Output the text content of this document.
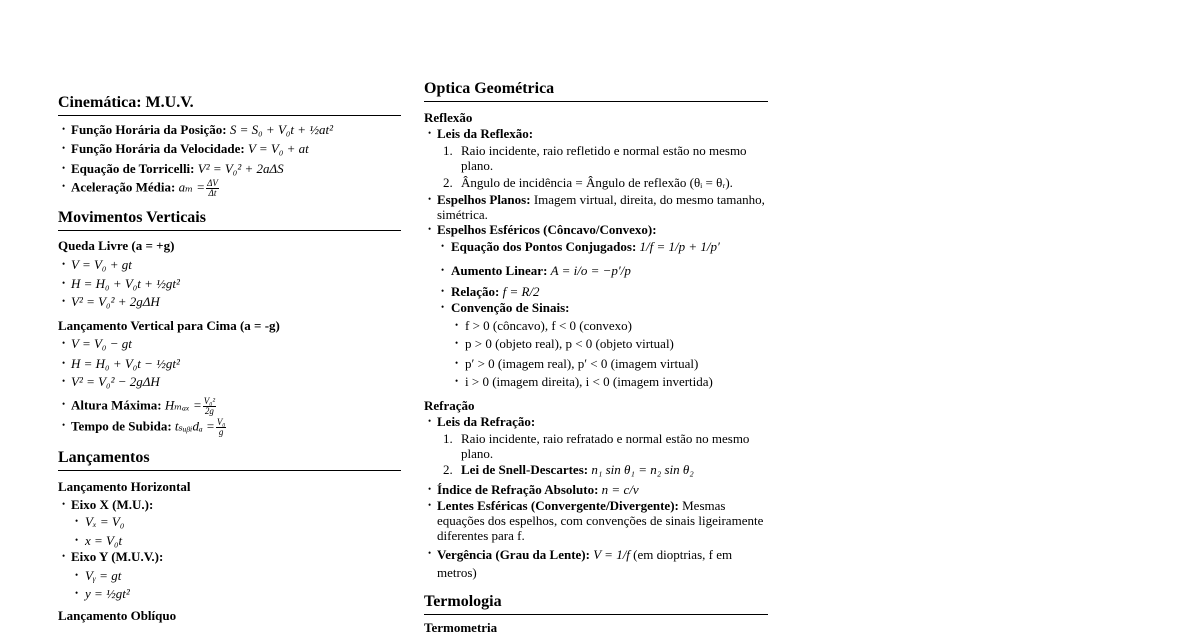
Cinemática: M.U.V.
• Função Horária da Posição: S = S₀ + V₀t + ½at²
• Função Horária da Velocidade: V = V₀ + at
• Equação de Torricelli: V² = V₀² + 2aΔS
• Aceleração Média: $a_m = \frac{\Delta V}{\Delta t}$
Movimentos Verticais
Queda Livre (a = +g)
• V = V₀ + gt
• H = H₀ + V₀t + ½gt²
• V² = V₀² + 2gΔH
Lançamento Vertical para Cima (a = -g)
• V = V₀ − gt
• H = H₀ + V₀t − ½gt²
• V² = V₀² − 2gΔH
• Altura Máxima: $H_{max} = \frac{\text{V₀²}}{2g}$
• Tempo de Subida: tₛᵤᵦᵢdₐ = $\frac{\text{V₀}}{g}$
Lançamentos
Lançamento Horizontal
• Eixo X (M.U.):
• Vₓ = V₀
• x = V₀t
• Eixo Y (M.U.V.):
• Vᵧ = gt
• y = ½gt²
Lançamento Oblíquo
Optica Geométrica
Reflexão
• Leis da Reflexão:
1. Raio incidente, raio refletido e normal estão no mesmo plano.
2. Ângulo de incidência = Ângulo de reflexão (θᵢ = θᵣ).
• Espelhos Planos: Imagem virtual, direita, do mesmo tamanho, simétrica.
• Espelhos Esféricos (Côncavo/Convexo):
• Equação dos Pontos Conjugados: 1/f = 1/p + 1/p′
• Aumento Linear: A = i/o = −p′/p
• Relação: f = R/2
• Convenção de Sinais:
• f > 0 (côncavo), f < 0 (convexo)
• p > 0 (objeto real), p < 0 (objeto virtual)
• p′ > 0 (imagem real), p′ < 0 (imagem virtual)
• i > 0 (imagem direita), i < 0 (imagem invertida)
Refração
• Leis da Refração:
1. Raio incidente, raio refratado e normal estão no mesmo plano.
2. Lei de Snell-Descartes: n₁ sin θ₁ = n₂ sin θ₂
• Índice de Refração Absoluto: n = c/v
• Lentes Esféricas (Convergente/Divergente): Mesmas equações dos espelhos, com convenções de sinais ligeiramente diferentes para f.
• Vergência (Grau da Lente): V = 1/f (em dioptrias, f em metros)
Termologia
Termometria
